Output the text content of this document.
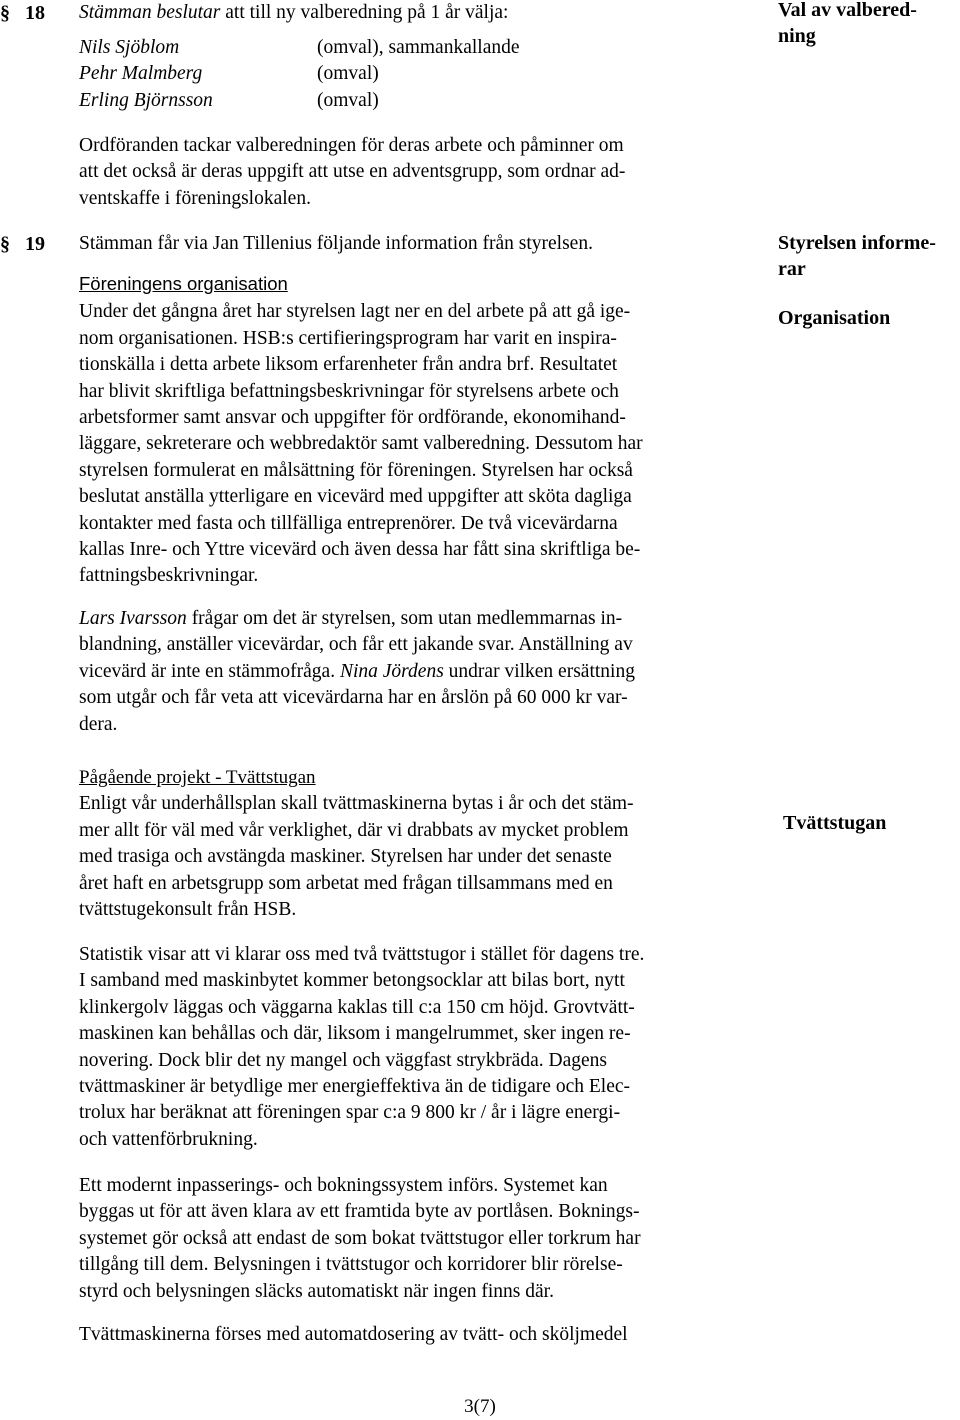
§ 18 Stämman beslutar att till ny valberedning på 1 år välja:	Val av valbered-
ning
Nils Sjöblom	(omval), sammankallande
Pehr Malmberg	(omval)
Erling Björnsson	(omval)
Ordföranden tackar valberedningen för deras arbete och påminner om
att det också är deras uppgift att utse en adventsgrupp, som ordnar ad-
ventskaffe i föreningslokalen.
§ 19 Stämman får via Jan Tillenius följande information från styrelsen.	Styrelsen informe-
rar
Organisation
Föreningens organisation
Under det gångna året har styrelsen lagt ner en del arbete på att gå ige-
nom organisationen. HSB:s certifieringsprogram har varit en inspira-
tionskälla i detta arbete liksom erfarenheter från andra brf. Resultatet
har blivit skriftliga befattningsbeskrivningar för styrelsens arbete och
arbetsformer samt ansvar och uppgifter för ordförande, ekonomihand-
läggare, sekreterare och webbredaktör samt valberedning. Dessutom har
styrelsen formulerat en målsättning för föreningen. Styrelsen har också
beslutat anställa ytterligare en vicevärd med uppgifter att sköta dagliga
kontakter med fasta och tillfälliga entreprenörer. De två vicevärdarna
kallas Inre- och Yttre vicevärd och även dessa har fått sina skriftliga be-
fattningsbeskrivningar.
Lars Ivarsson frågar om det är styrelsen, som utan medlemmarnas in-
blandning, anställer vicevärdar, och får ett jakande svar. Anställning av
vicevärd är inte en stämmofråga. Nina Jördens undrar vilken ersättning
som utgår och får veta att vicevärdarna har en årslön på 60 000 kr var-
dera.
Tvättstugan
Pågående projekt - Tvättstugan
Enligt vår underhållsplan skall tvättmaskinerna bytas i år och det stäm-
mer allt för väl med vår verklighet, där vi drabbats av mycket problem
med trasiga och avstängda maskiner. Styrelsen har under det senaste
året haft en arbetsgrupp som arbetat med frågan tillsammans med en
tvättstugekonsult från HSB.
Statistik visar att vi klarar oss med två tvättstugor i stället för dagens tre.
I samband med maskinbytet kommer betongsocklar att bilas bort, nytt
klinkergolv läggas och väggarna kaklas till c:a 150 cm höjd. Grovtvätt-
maskinen kan behållas och där, liksom i mangelrummet, sker ingen re-
novering. Dock blir det ny mangel och väggfast strykbräda. Dagens
tvättmaskiner är betydlige mer energieffektiva än de tidigare och Elec-
trolux har beräknat att föreningen spar c:a 9 800 kr / år i lägre energi-
och vattenförbrukning.
Ett modernt inpasserings- och bokningssystem införs. Systemet kan
byggas ut för att även klara av ett framtida byte av portlåsen. Boknings-
systemet gör också att endast de som bokat tvättstugor eller torkrum har
tillgång till dem. Belysningen i tvättstugor och korridorer blir rörelse-
styrd och belysningen släcks automatiskt när ingen finns där.
Tvättmaskinerna förses med automatdosering av tvätt- och sköljmedel
3(7)
